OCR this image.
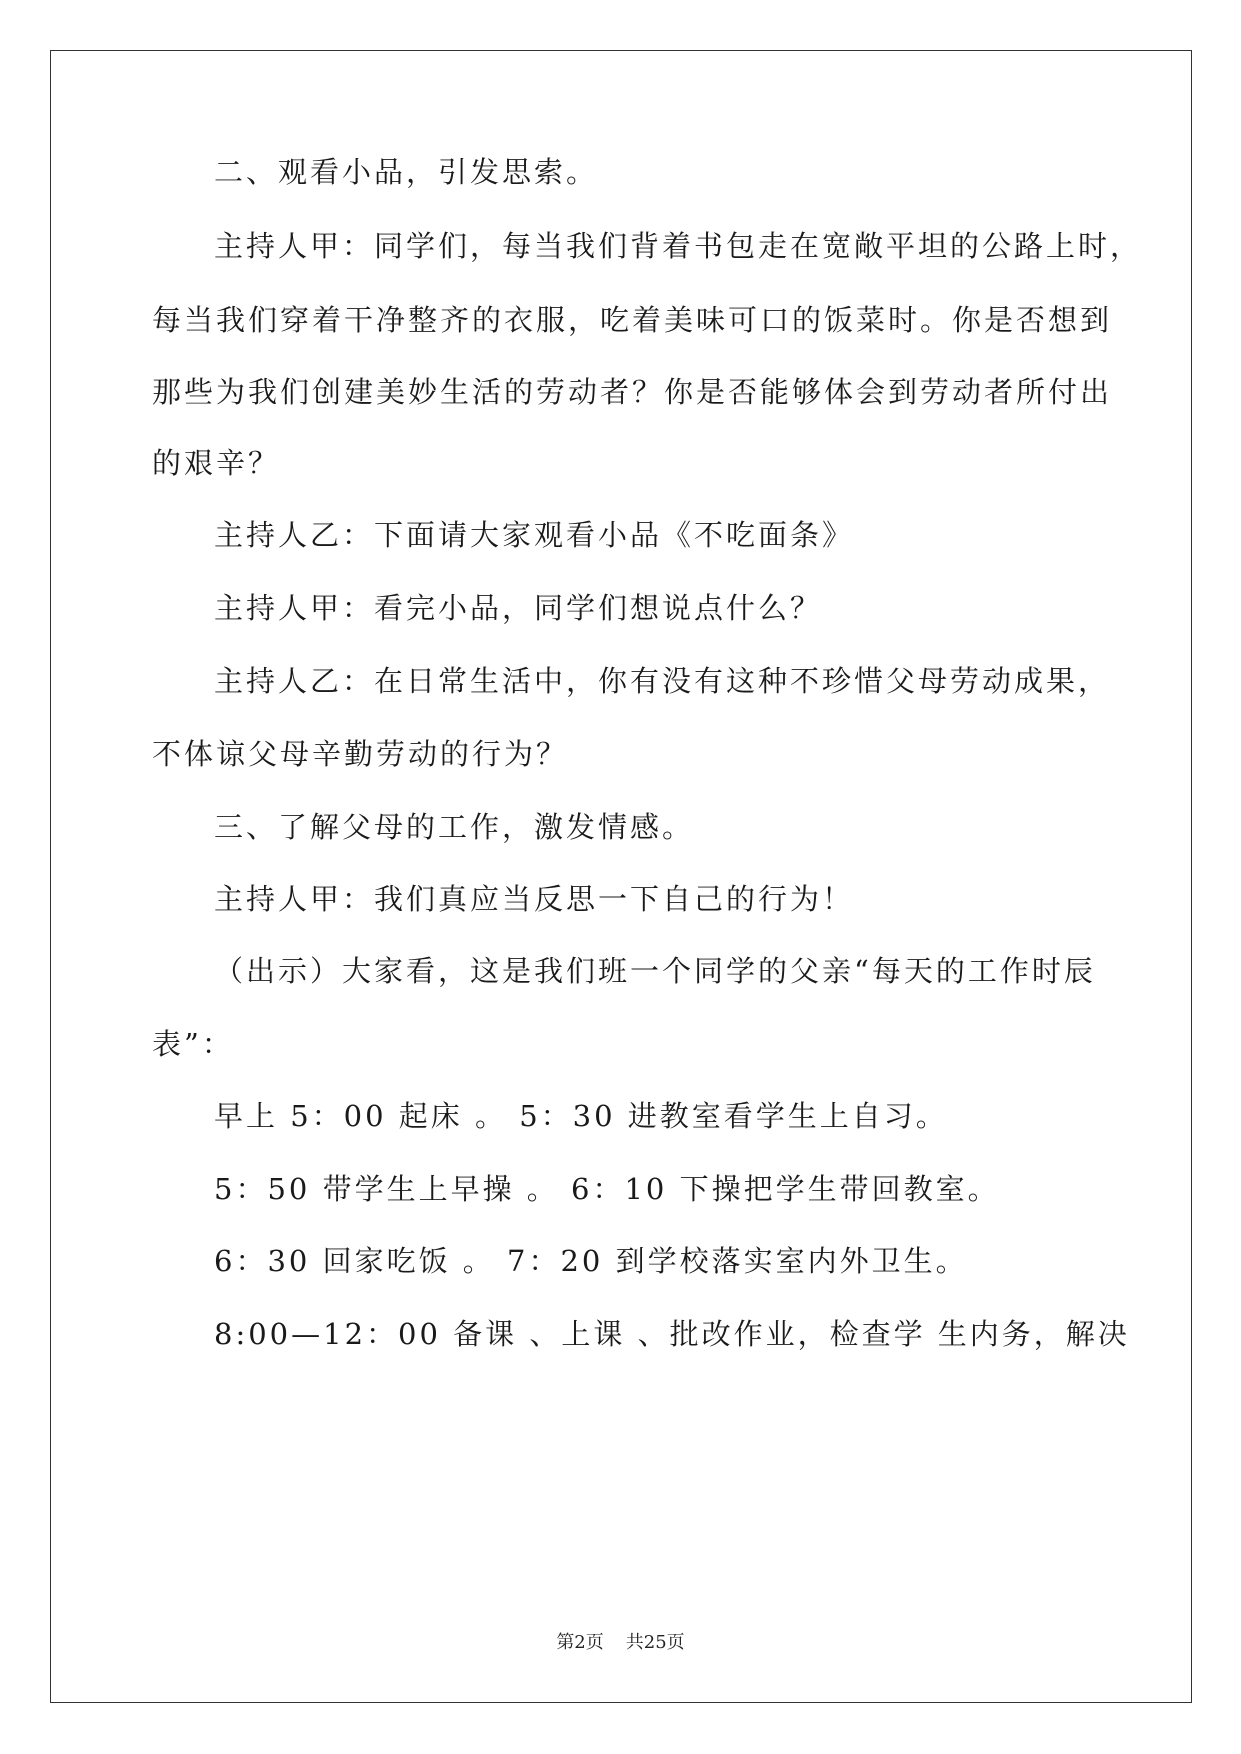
二、观看小品，引发思索。
主持人甲：同学们，每当我们背着书包走在宽敞平坦的公路上时，
每当我们穿着干净整齐的衣服，吃着美味可口的饭菜时。你是否想到
那些为我们创建美妙生活的劳动者？你是否能够体会到劳动者所付出
的艰辛？
主持人乙：下面请大家观看小品《不吃面条》
主持人甲：看完小品，同学们想说点什么？
主持人乙：在日常生活中，你有没有这种不珍惜父母劳动成果，
不体谅父母辛勤劳动的行为？
三、了解父母的工作，激发情感。
主持人甲：我们真应当反思一下自己的行为！
（出示）大家看，这是我们班一个同学的父亲“每天的工作时辰
表”：
早上 5：00 起床 。 5：30 进教室看学生上自习。
5：50 带学生上早操 。 6：10 下操把学生带回教室。
6：30 回家吃饭 。 7：20 到学校落实室内外卫生。
8:00—12：00 备课 、上课 、批改作业，检查学 生内务，解决
第2页 共25页
